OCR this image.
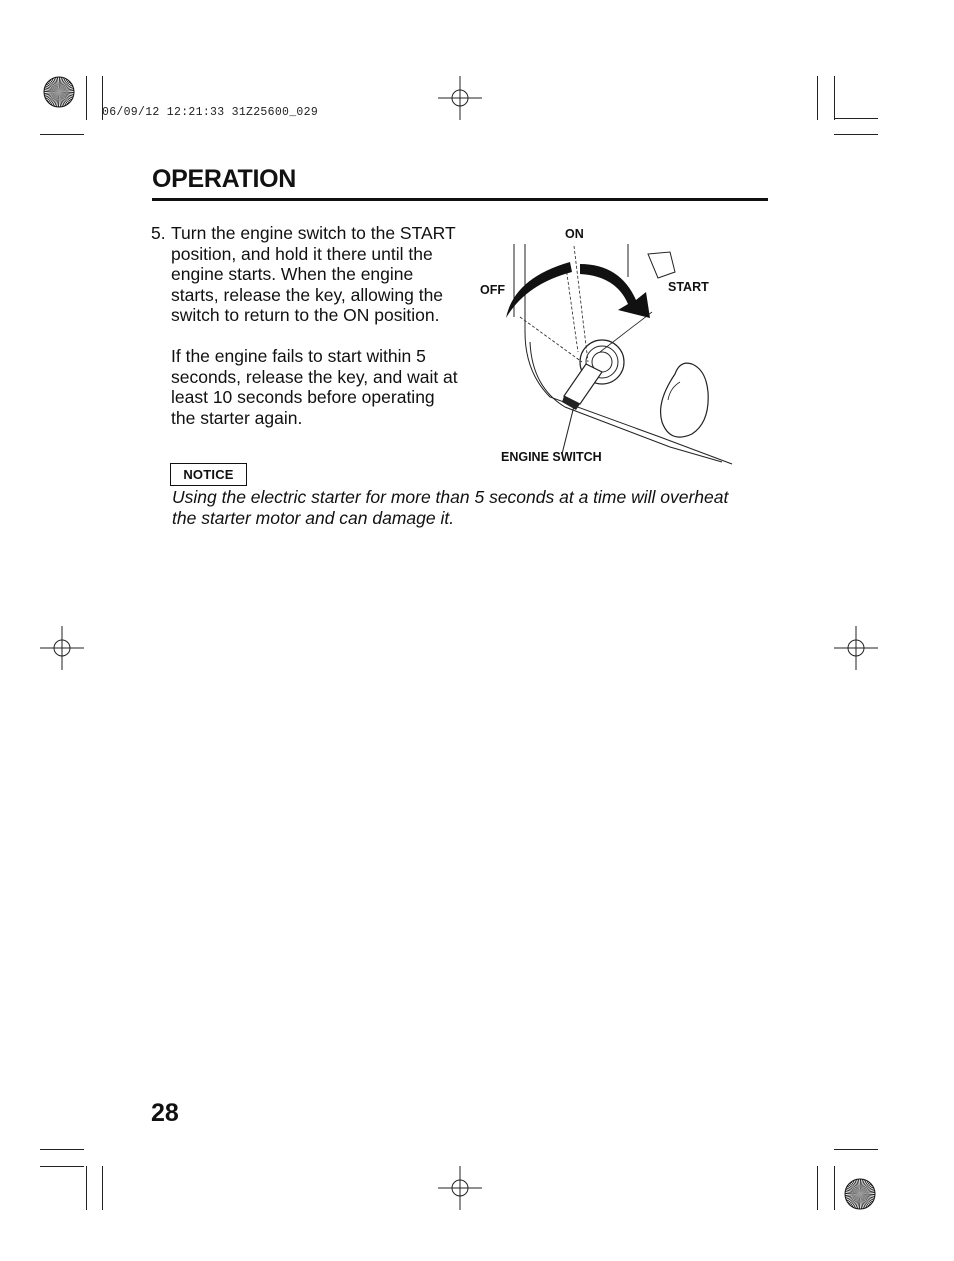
06/09/12 12:21:33 31Z25600_029
OPERATION
5. Turn the engine switch to the START position, and hold it there until the engine starts. When the engine starts, release the key, allowing the switch to return to the ON position.

If the engine fails to start within 5 seconds, release the key, and wait at least 10 seconds before operating the starter again.

ON
OFF	START
ENGINE SWITCH
NOTICE
Using the electric starter for more than 5 seconds at a time will overheat the starter motor and can damage it.
28
